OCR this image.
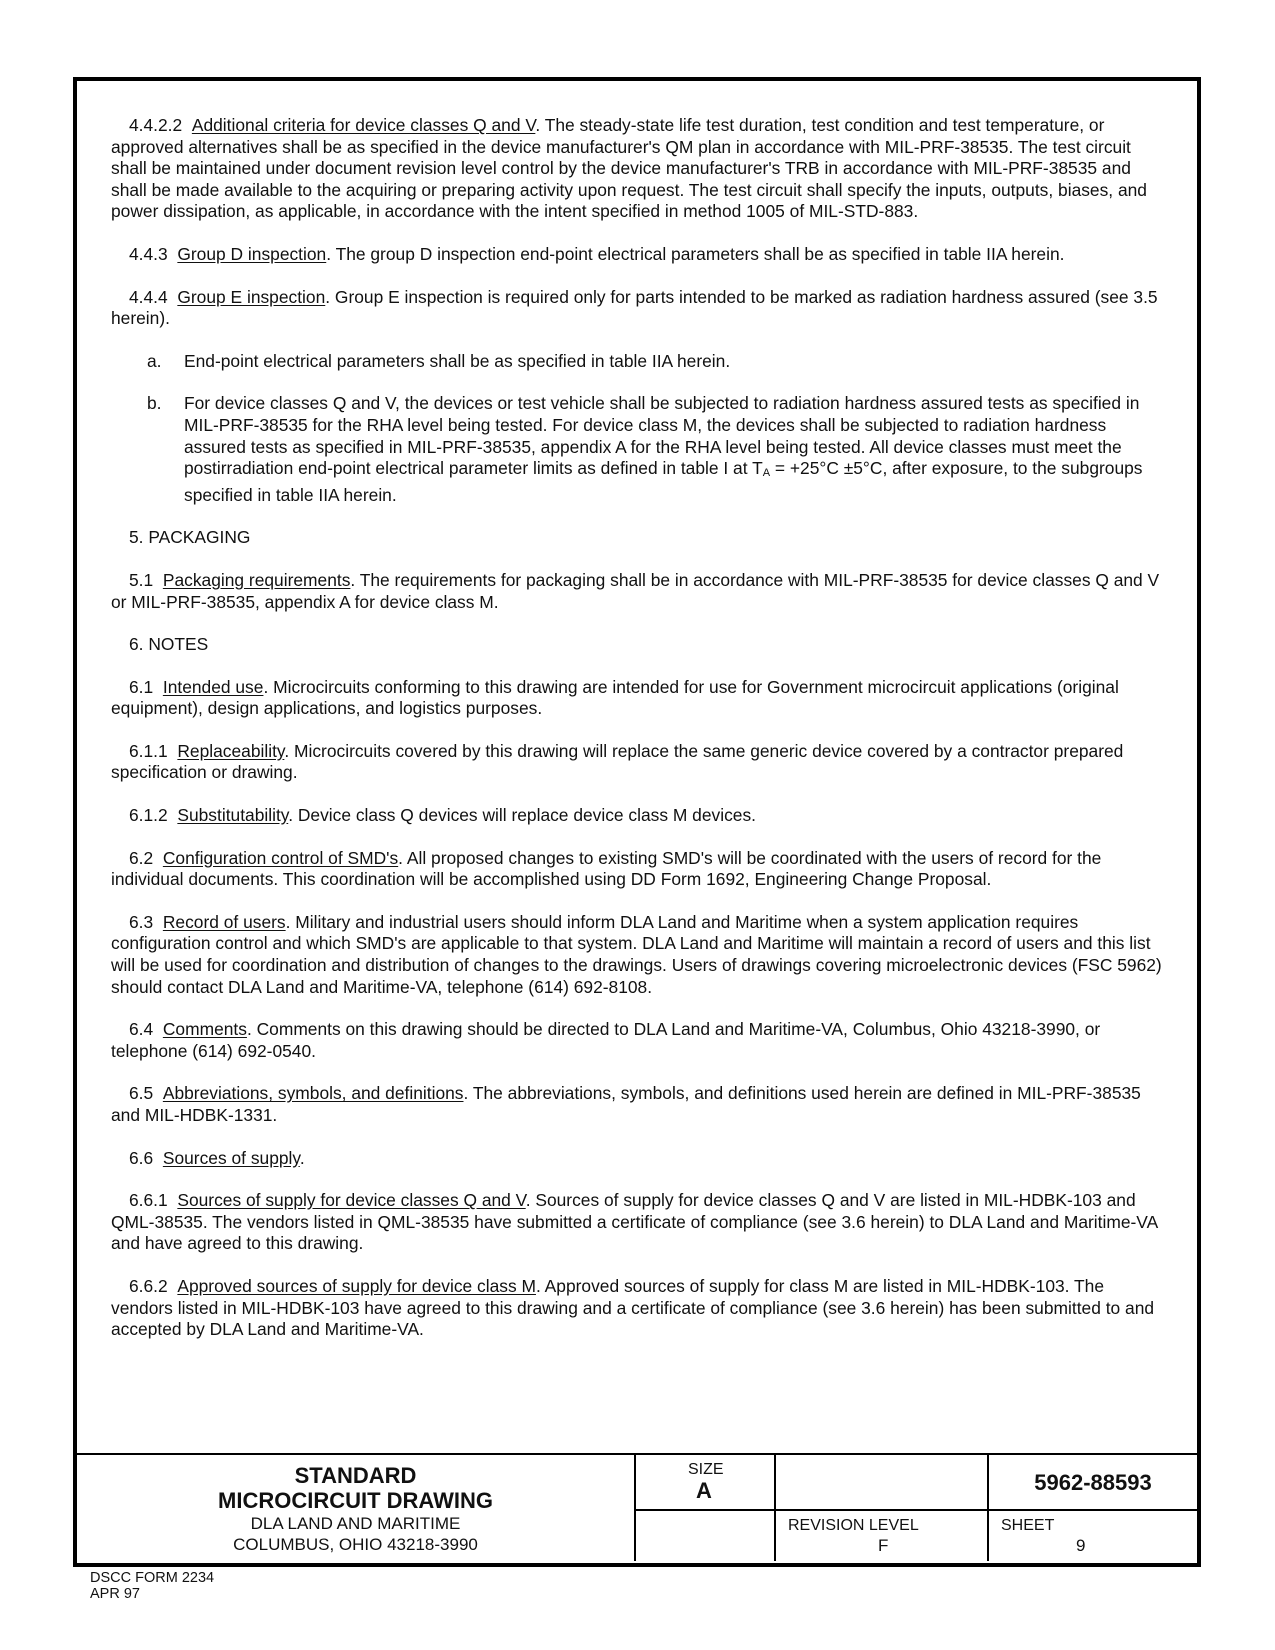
4.4.2.2 Additional criteria for device classes Q and V. The steady-state life test duration, test condition and test temperature, or approved alternatives shall be as specified in the device manufacturer's QM plan in accordance with MIL-PRF-38535. The test circuit shall be maintained under document revision level control by the device manufacturer's TRB in accordance with MIL-PRF-38535 and shall be made available to the acquiring or preparing activity upon request. The test circuit shall specify the inputs, outputs, biases, and power dissipation, as applicable, in accordance with the intent specified in method 1005 of MIL-STD-883.

4.4.3 Group D inspection. The group D inspection end-point electrical parameters shall be as specified in table IIA herein.

4.4.4 Group E inspection. Group E inspection is required only for parts intended to be marked as radiation hardness assured (see 3.5 herein).

a.	End-point electrical parameters shall be as specified in table IIA herein.
b.	For device classes Q and V, the devices or test vehicle shall be subjected to radiation hardness assured tests as specified in MIL-PRF-38535 for the RHA level being tested. For device class M, the devices shall be subjected to radiation hardness assured tests as specified in MIL-PRF-38535, appendix A for the RHA level being tested. All device classes must meet the postirradiation end-point electrical parameter limits as defined in table I at $T_A = +25^\circ C \pm 5^\circ C$, after exposure, to the subgroups specified in table IIA herein.

5. PACKAGING

5.1 Packaging requirements. The requirements for packaging shall be in accordance with MIL-PRF-38535 for device classes Q and V or MIL-PRF-38535, appendix A for device class M.

6. NOTES

6.1 Intended use. Microcircuits conforming to this drawing are intended for use for Government microcircuit applications (original equipment), design applications, and logistics purposes.

6.1.1 Replaceability. Microcircuits covered by this drawing will replace the same generic device covered by a contractor prepared specification or drawing.

6.1.2 Substitutability. Device class Q devices will replace device class M devices.

6.2 Configuration control of SMD's. All proposed changes to existing SMD's will be coordinated with the users of record for the individual documents. This coordination will be accomplished using DD Form 1692, Engineering Change Proposal.

6.3 Record of users. Military and industrial users should inform DLA Land and Maritime when a system application requires configuration control and which SMD's are applicable to that system. DLA Land and Maritime will maintain a record of users and this list will be used for coordination and distribution of changes to the drawings. Users of drawings covering microelectronic devices (FSC 5962) should contact DLA Land and Maritime-VA, telephone (614) 692-8108.

6.4 Comments. Comments on this drawing should be directed to DLA Land and Maritime-VA, Columbus, Ohio 43218-3990, or telephone (614) 692-0540.

6.5 Abbreviations, symbols, and definitions. The abbreviations, symbols, and definitions used herein are defined in MIL-PRF-38535 and MIL-HDBK-1331.

6.6 Sources of supply.

6.6.1 Sources of supply for device classes Q and V. Sources of supply for device classes Q and V are listed in MIL-HDBK-103 and QML-38535. The vendors listed in QML-38535 have submitted a certificate of compliance (see 3.6 herein) to DLA Land and Maritime-VA and have agreed to this drawing.

6.6.2 Approved sources of supply for device class M. Approved sources of supply for class M are listed in MIL-HDBK-103. The vendors listed in MIL-HDBK-103 have agreed to this drawing and a certificate of compliance (see 3.6 herein) has been submitted to and accepted by DLA Land and Maritime-VA.

STANDARD
MICROCIRCUIT DRAWING
DLA LAND AND MARITIME
COLUMBUS, OHIO 43218-3990
SIZE
A	5962-88593
REVISION LEVEL
F
SHEET
9
DSCC FORM 2234
APR 97
